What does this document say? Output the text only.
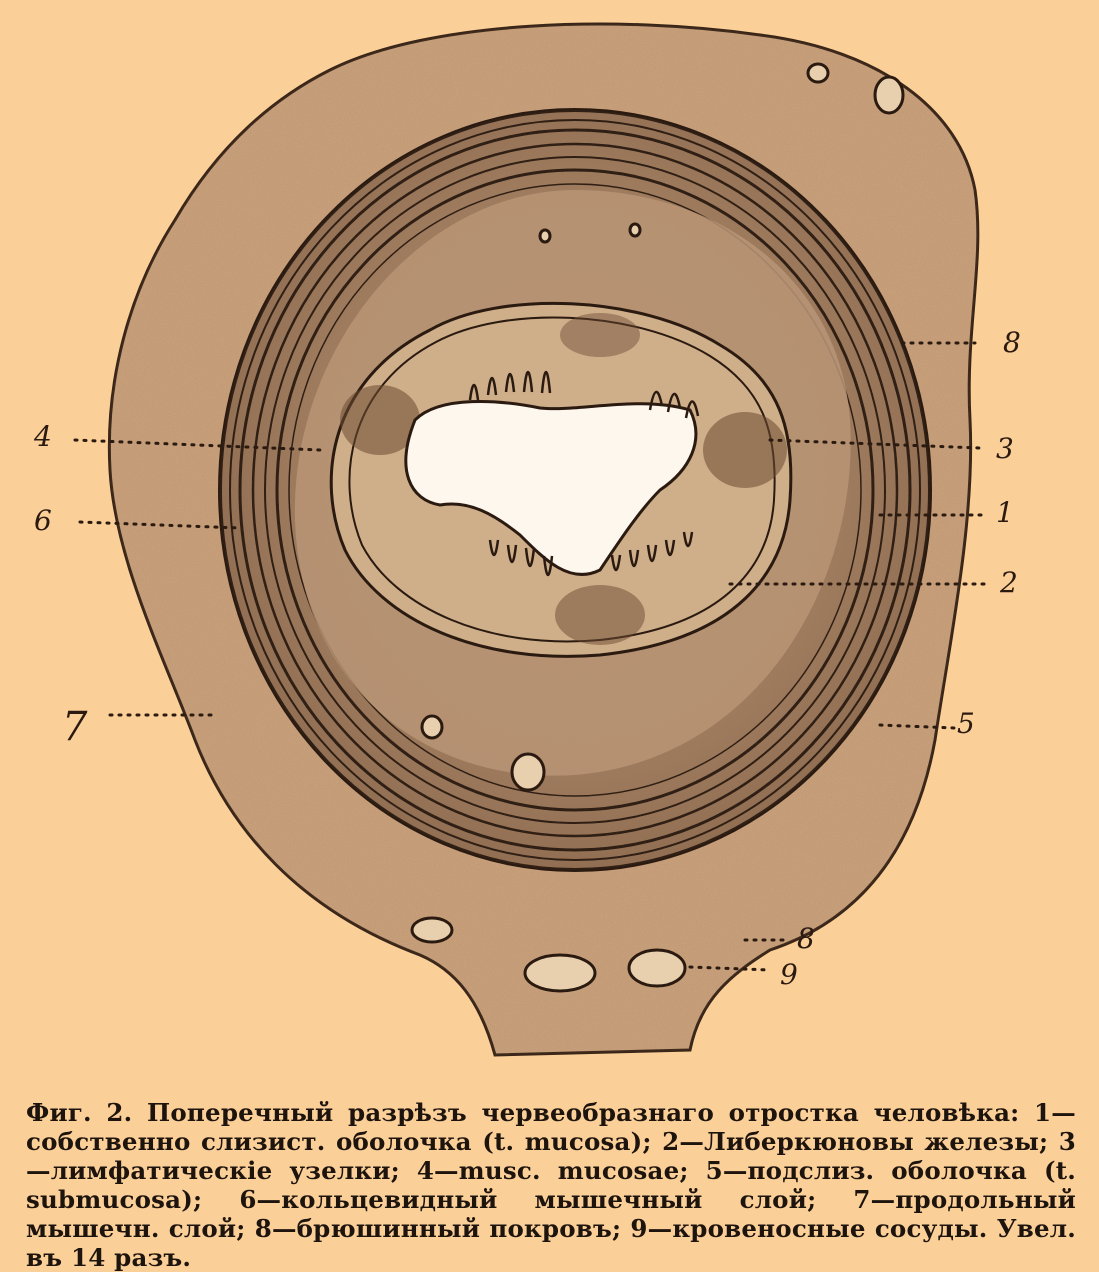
8
4	3
6	1
2
7	5
8
9
Фиг. 2. Поперечный разрѣзъ червеобразнаго отростка человѣка: 1—собственно слизист. оболочка (t. mucosa); 2—Либеркюновы железы; 3—лимфатическіе узелки; 4—musc. mucosae; 5—подслиз. оболочка (t. submucosa); 6—кольцевидный мышечный слой; 7—продольный мышечн. слой; 8—брюшинный покровъ; 9—кровеносные сосуды. Увел. въ 14 разъ.
